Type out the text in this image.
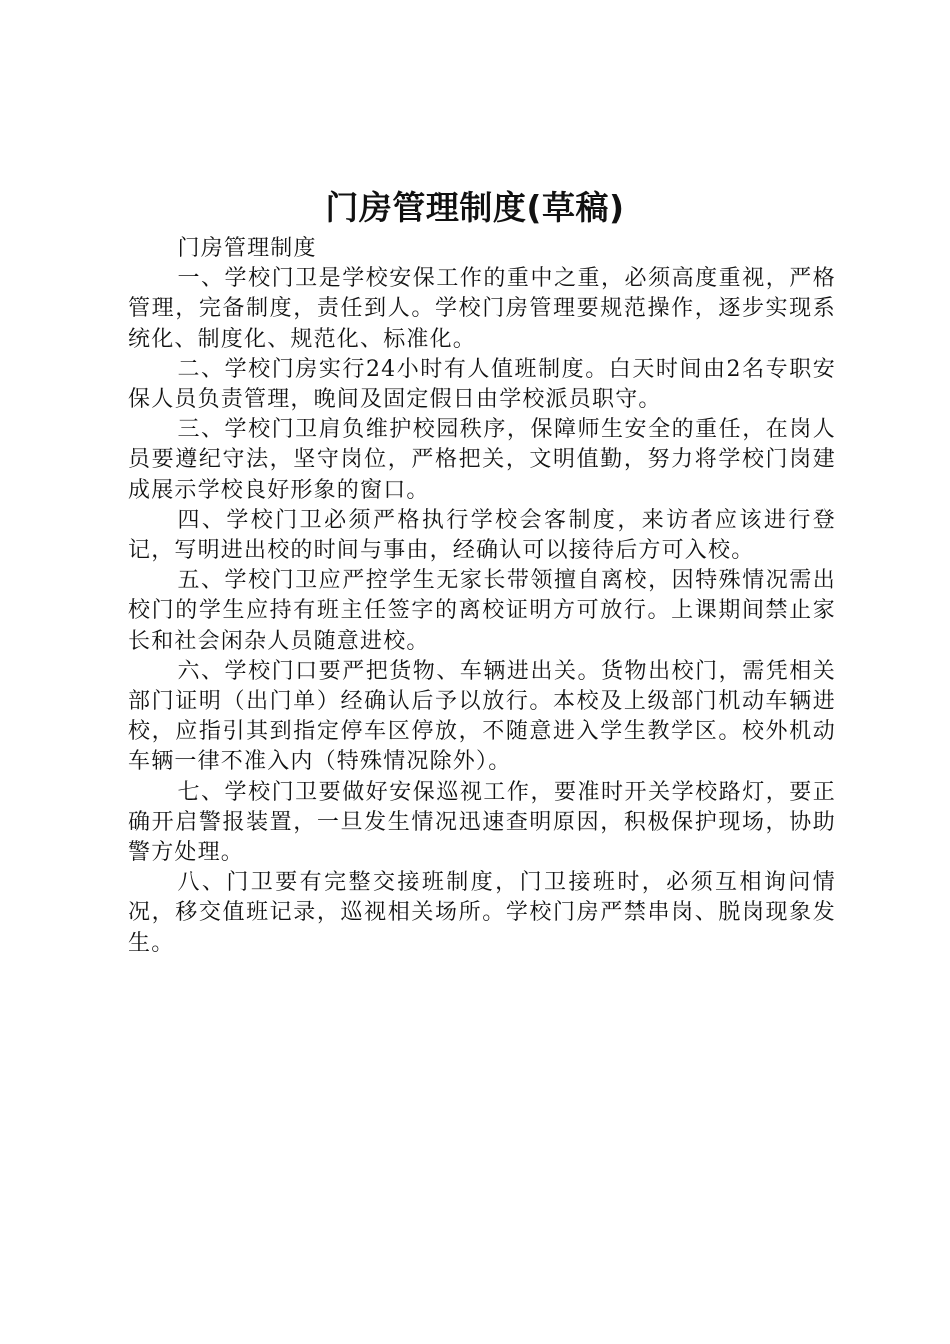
门房管理制度(草稿)

门房管理制度

一、学校门卫是学校安保工作的重中之重，必须高度重视，严格管理，完备制度，责任到人。学校门房管理要规范操作，逐步实现系统化、制度化、规范化、标准化。

二、学校门房实行24小时有人值班制度。白天时间由2名专职安保人员负责管理，晚间及固定假日由学校派员职守。

三、学校门卫肩负维护校园秩序，保障师生安全的重任，在岗人员要遵纪守法，坚守岗位，严格把关，文明值勤，努力将学校门岗建成展示学校良好形象的窗口。

四、学校门卫必须严格执行学校会客制度，来访者应该进行登记，写明进出校的时间与事由，经确认可以接待后方可入校。

五、学校门卫应严控学生无家长带领擅自离校，因特殊情况需出校门的学生应持有班主任签字的离校证明方可放行。上课期间禁止家长和社会闲杂人员随意进校。

六、学校门口要严把货物、车辆进出关。货物出校门，需凭相关部门证明（出门单）经确认后予以放行。本校及上级部门机动车辆进校，应指引其到指定停车区停放，不随意进入学生教学区。校外机动车辆一律不准入内（特殊情况除外）。

七、学校门卫要做好安保巡视工作，要准时开关学校路灯，要正确开启警报装置，一旦发生情况迅速查明原因，积极保护现场，协助警方处理。

八、门卫要有完整交接班制度，门卫接班时，必须互相询问情况，移交值班记录，巡视相关场所。学校门房严禁串岗、脱岗现象发生。
